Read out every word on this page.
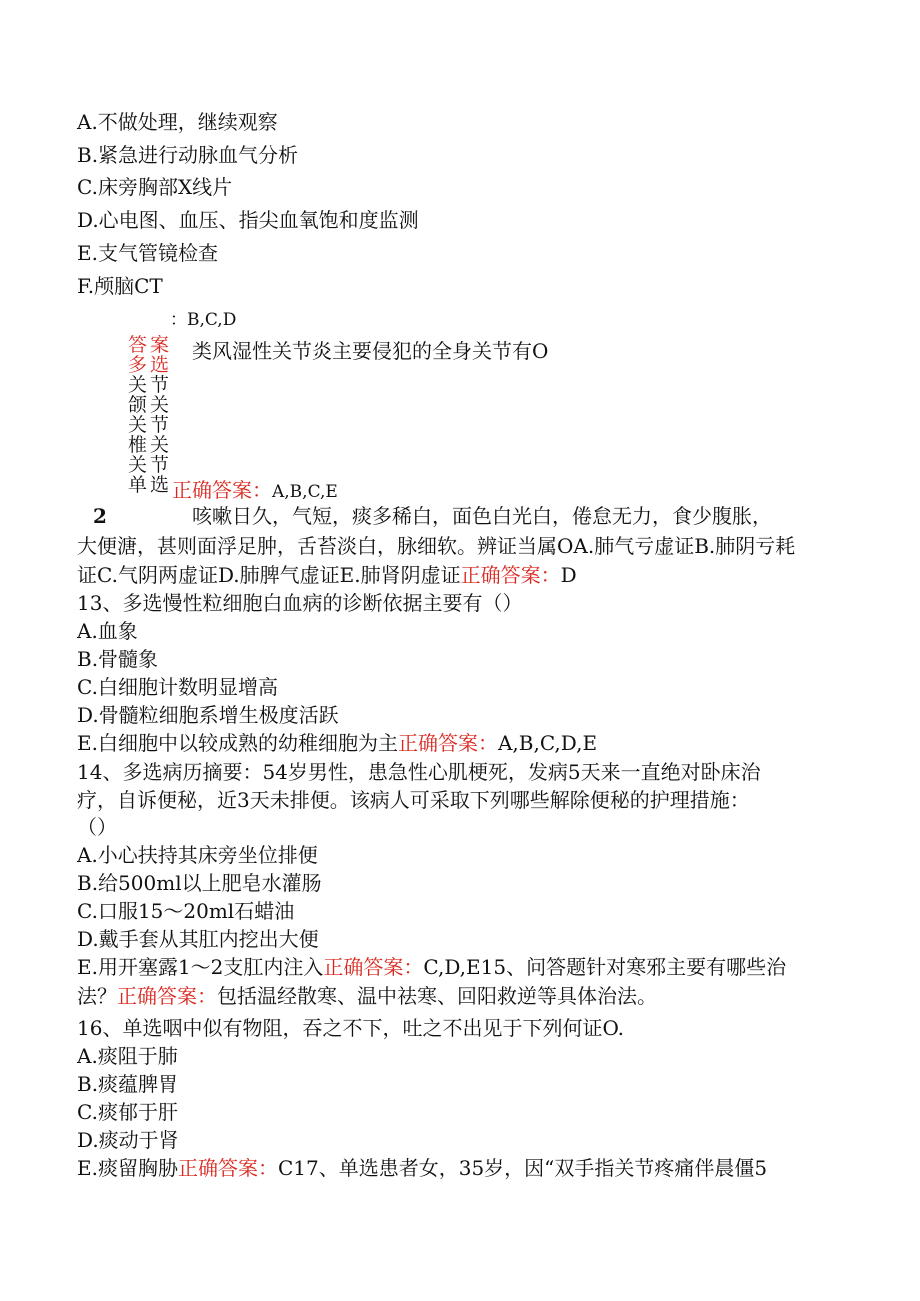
A.不做处理，继续观察
B.紧急进行动脉血气分析
C.床旁胸部X线片
D.心电图、血压、指尖血氧饱和度监测
E.支气管镜检查
F.颅脑CT
：B,C,D
答
多
案
选
关
颌
关
椎
关
单
节
关
节
关
节
选
类风湿性关节炎主要侵犯的全身关节有O
正确答案：A,B,C,E
2	咳嗽日久，气短，痰多稀白，面色白光白，倦怠无力，食少腹胀，
大便溏，甚则面浮足肿，舌苔淡白，脉细软。辨证当属OA.肺气亏虚证B.肺阴亏耗
证C.气阴两虚证D.肺脾气虚证E.肺肾阴虚证正确答案：D
13、多选慢性粒细胞白血病的诊断依据主要有（）
A.血象
B.骨髓象
C.白细胞计数明显增高
D.骨髓粒细胞系增生极度活跃
E.白细胞中以较成熟的幼稚细胞为主正确答案：A,B,C,D,E
14、多选病历摘要：54岁男性，患急性心肌梗死，发病5天来一直绝对卧床治
疗，自诉便秘，近3天未排便。该病人可采取下列哪些解除便秘的护理措施：
（）
A.小心扶持其床旁坐位排便
B.给500ml以上肥皂水灌肠
C.口服15～20ml石蜡油
D.戴手套从其肛内挖出大便
E.用开塞露1～2支肛内注入正确答案：C,D,E15、问答题针对寒邪主要有哪些治
法？正确答案：包括温经散寒、温中祛寒、回阳救逆等具体治法。
16、单选咽中似有物阻，吞之不下，吐之不出见于下列何证O.
A.痰阻于肺
B.痰蕴脾胃
C.痰郁于肝
D.痰动于肾
E.痰留胸胁正确答案：C17、单选患者女，35岁，因“双手指关节疼痛伴晨僵5
